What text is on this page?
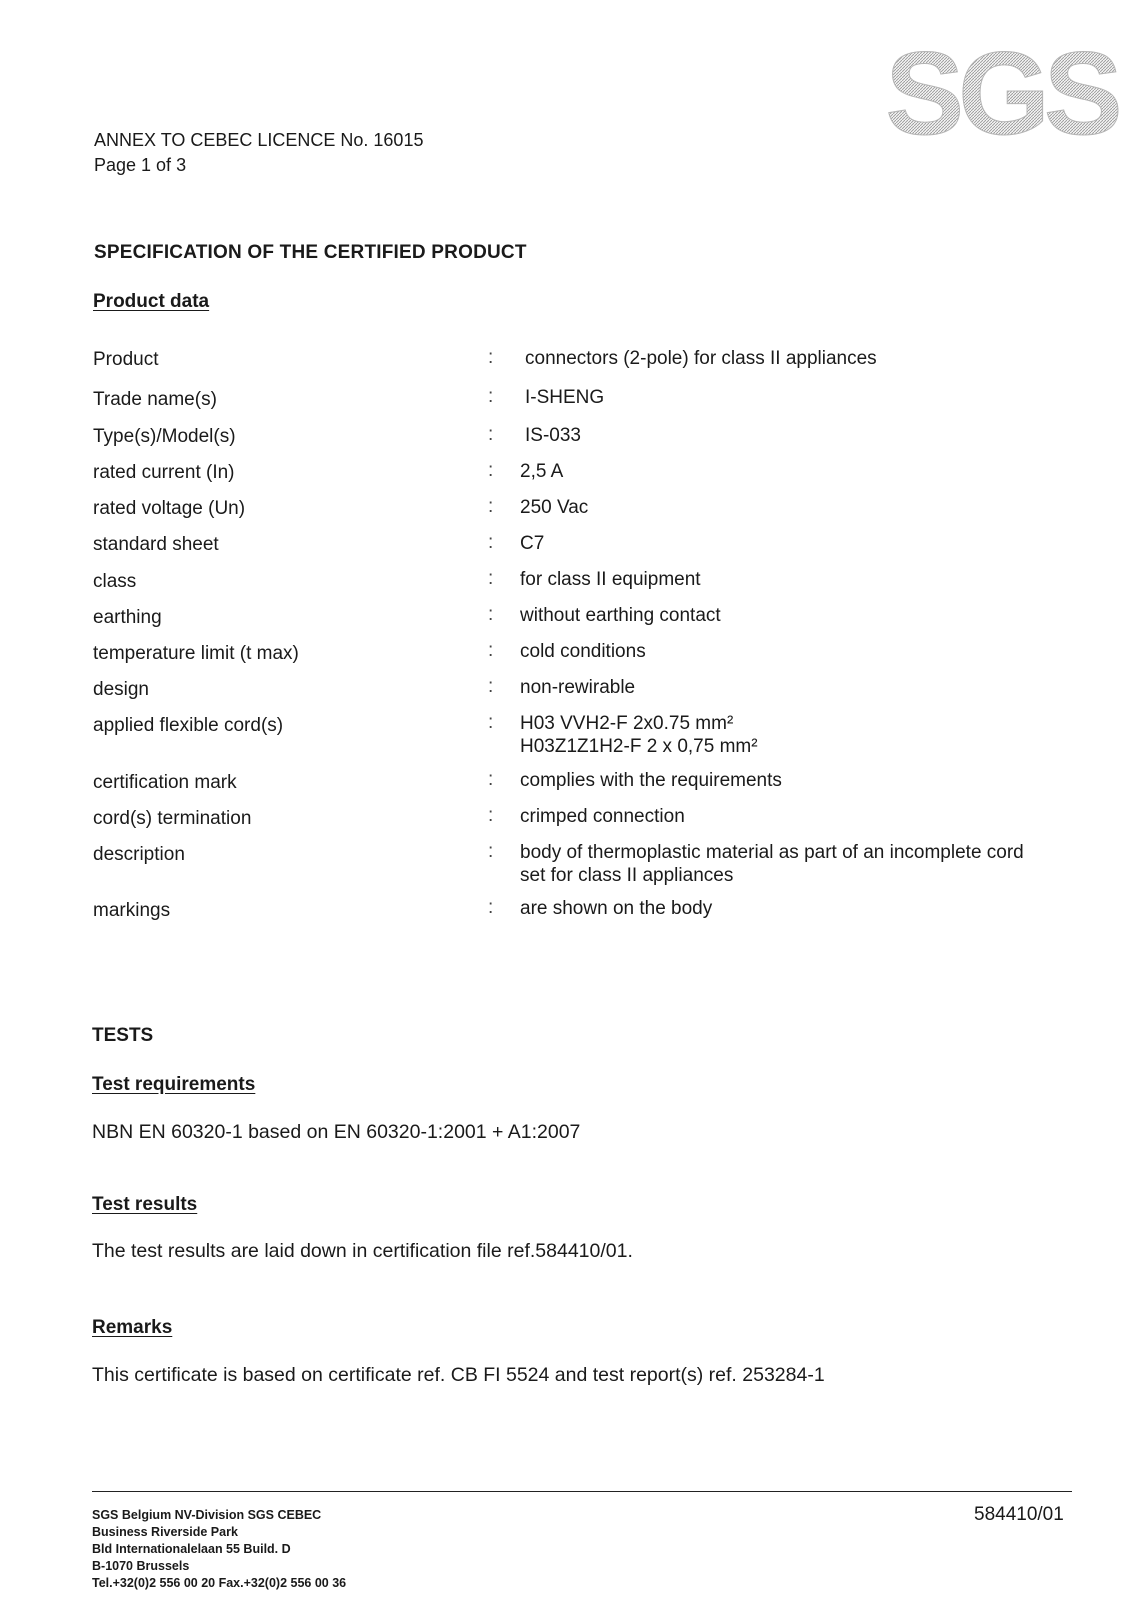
SGS
ANNEX TO CEBEC LICENCE No. 16015
Page 1 of 3
SPECIFICATION OF THE CERTIFIED PRODUCT
Product data
Product	: connectors (2-pole) for class II appliances
Trade name(s)	: I-SHENG
Type(s)/Model(s)	: IS-033
rated current (In)	: 2,5 A
rated voltage (Un)	: 250 Vac
standard sheet	: C7
class	: for class II equipment
earthing	: without earthing contact
temperature limit (t max)	: cold conditions
design	: non-rewirable
applied flexible cord(s)	: H03 VVH2-F 2x0.75 mm²
H03Z1Z1H2-F 2 x 0,75 mm²
certification mark	: complies with the requirements
cord(s) termination	: crimped connection
description	: body of thermoplastic material as part of an incomplete cord
set for class II appliances
markings	: are shown on the body
TESTS
Test requirements
NBN EN 60320-1 based on EN 60320-1:2001 + A1:2007
Test results
The test results are laid down in certification file ref.584410/01.
Remarks
This certificate is based on certificate ref. CB FI 5524 and test report(s) ref. 253284-1
SGS Belgium NV-Division SGS CEBEC
Business Riverside Park
Bld Internationalelaan 55 Build. D
B-1070 Brussels
Tel.+32(0)2 556 00 20 Fax.+32(0)2 556 00 36
584410/01
